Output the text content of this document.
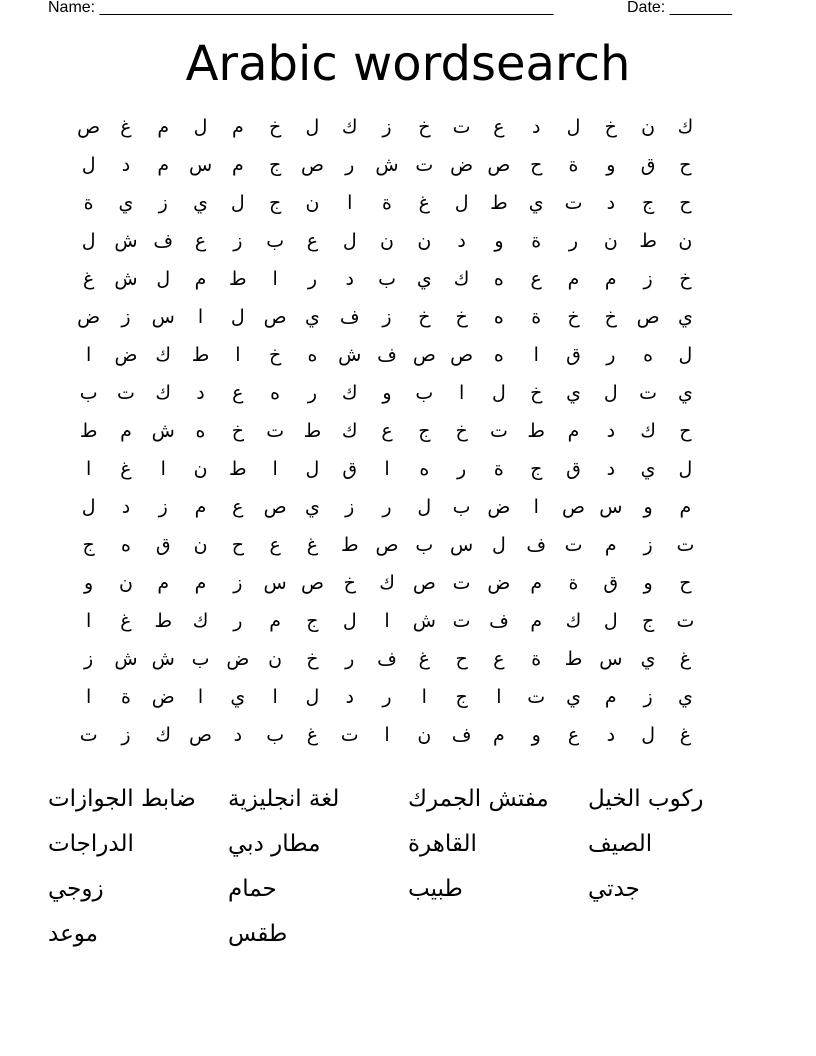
Name: ___________________________________________________	Date: _______
Arabic wordsearch
ص	غ	م	ل	م	خ	ل	ك	ز	خ	ت	ع	د	ل	خ	ن	ك
ل	د	م	س	م	ج	ص	ر	ش ت ض ص	ح	ة	و	ق	ح
ة	ي	ز	ي	ل	ج	ن	ا	ة	غ	ل	ط	ي	ت	د	ج	ح
ل ش ف	ع	ز	ب	ع	ل	ن	ن	د	و	ة	ر	ن	ط	ن
غ	ش ل	م	ط	ا	ر	د	ب	ي	ك	ه	ع	م	م	ز	خ
ض	ز	س	ا	ل ص ي	ف	ز	خ	خ	ه	ة	خ	خ	ص ي
ا	ض ك	ط	ا	خ	ه	ش ف ص ص	ه	ا	ق	ر	ه	ل
ب	ت	ك	د	ع	ه	ر	ك	و	ب	ا	ل	خ	ي	ل	ت	ي
ط	م	ش	ه	خ	ت	ط	ك	ع	ج	خ	ت	ط	م	د	ك	ح
ا	غ	ا	ن	ط	ا	ل	ق	ا	ه	ر	ة	ج	ق	د	ي	ل
ل	د	ز	م	ع	ص ي	ز	ر	ل	ب ض	ا	ص س	و	م
ج	ه	ق	ن	ح	ع	غ	ط ص ب س ل	ف ت	م	ز	ت
و	ن	م	م	ز	س ص	خ	ك ص ت ض	م	ة	ق	و	ح
ا	غ	ط	ك	ر	م	ج	ل	ا	ش ت ف	م	ك	ل	ج	ت
ز	ش ش ب ض ن	خ	ر	ف	غ	ح	ع	ة	ط س ي	غ
ا	ة	ض	ا	ي	ا	ل	د	ر	ا	ج	ا	ت	ي	م	ز	ي
ت	ز	ك ص	د	ب	غ	ت	ا	ن	ف	م	و	ع	د	ل	غ
ضابط الجوازات	لغة انجليزية	مفتش الجمرك	ركوب الخيل
الدراجات	مطار دبي	القاهرة	الصيف
زوجي	حمام	طبيب	جدتي
موعد	طقس
